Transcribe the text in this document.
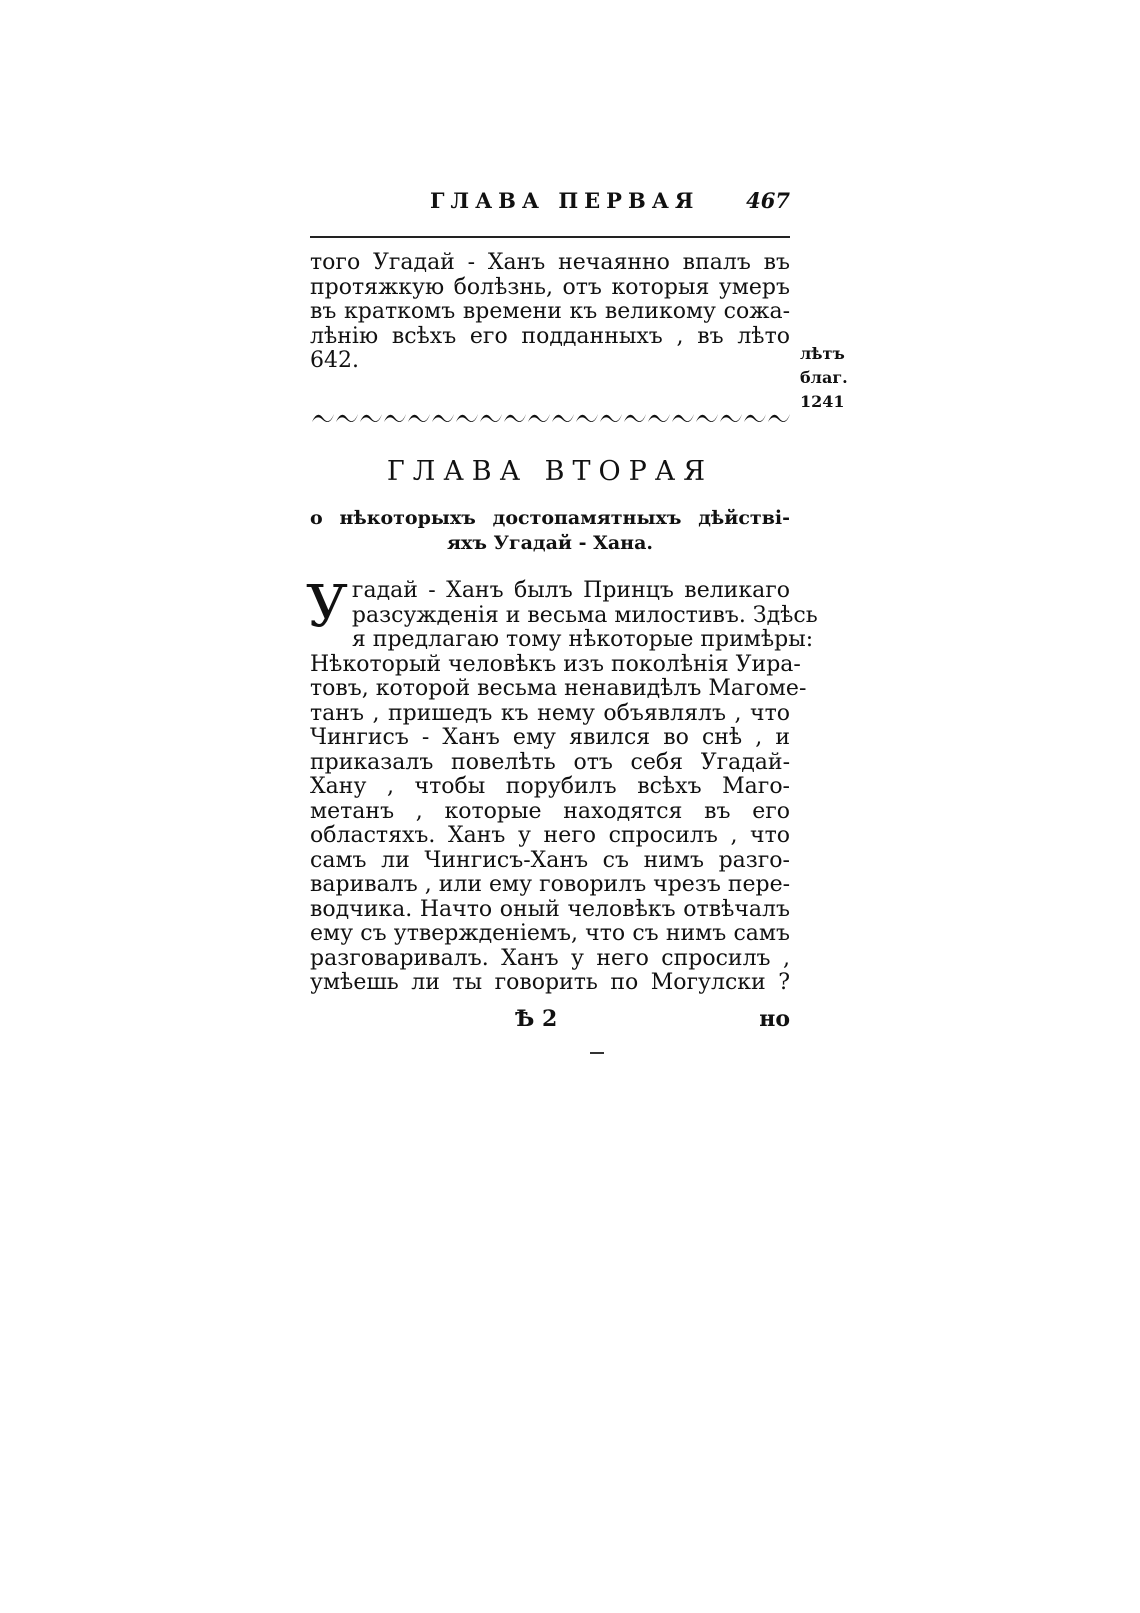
ГЛАВА ПЕРВАЯ 467
того Угадай - Ханъ нечаянно впалъ въ
протяжкую болѣзнь, отъ которыя умеръ
въ краткомъ времени къ великому сожа-
лѣнію всѣхъ его подданныхъ , въ лѣто
642.	лѣтъ
благ.
1241
ГЛАВА ВТОРАЯ
о нѣкоторыхъ достопамятныхъ дѣйстві-
яхъ Угадай - Хана.
У гадай - Ханъ былъ Принцъ великаго
разсужденія и весьма милостивъ. Здѣсь
я предлагаю тому нѣкоторые примѣры:
Нѣкоторый человѣкъ изъ поколѣнія Уира-
товъ, которой весьма ненавидѣлъ Магоме-
танъ , пришедъ къ нему объявлялъ , что
Чингисъ - Ханъ ему явился во снѣ , и
приказалъ повелѣть отъ себя Угадай-
Хану , чтобы порубилъ всѣхъ Маго-
метанъ , которые находятся въ его
областяхъ. Ханъ у него спросилъ , что
самъ ли Чингисъ-Ханъ съ нимъ разго-
варивалъ , или ему говорилъ чрезъ пере-
водчика. Начто оный человѣкъ отвѣчалъ
ему съ утвержденіемъ, что съ нимъ самъ
разговаривалъ. Ханъ у него спросилъ ,
умѣешь ли ты говорить по Могулски ?
Ѣ 2	но
